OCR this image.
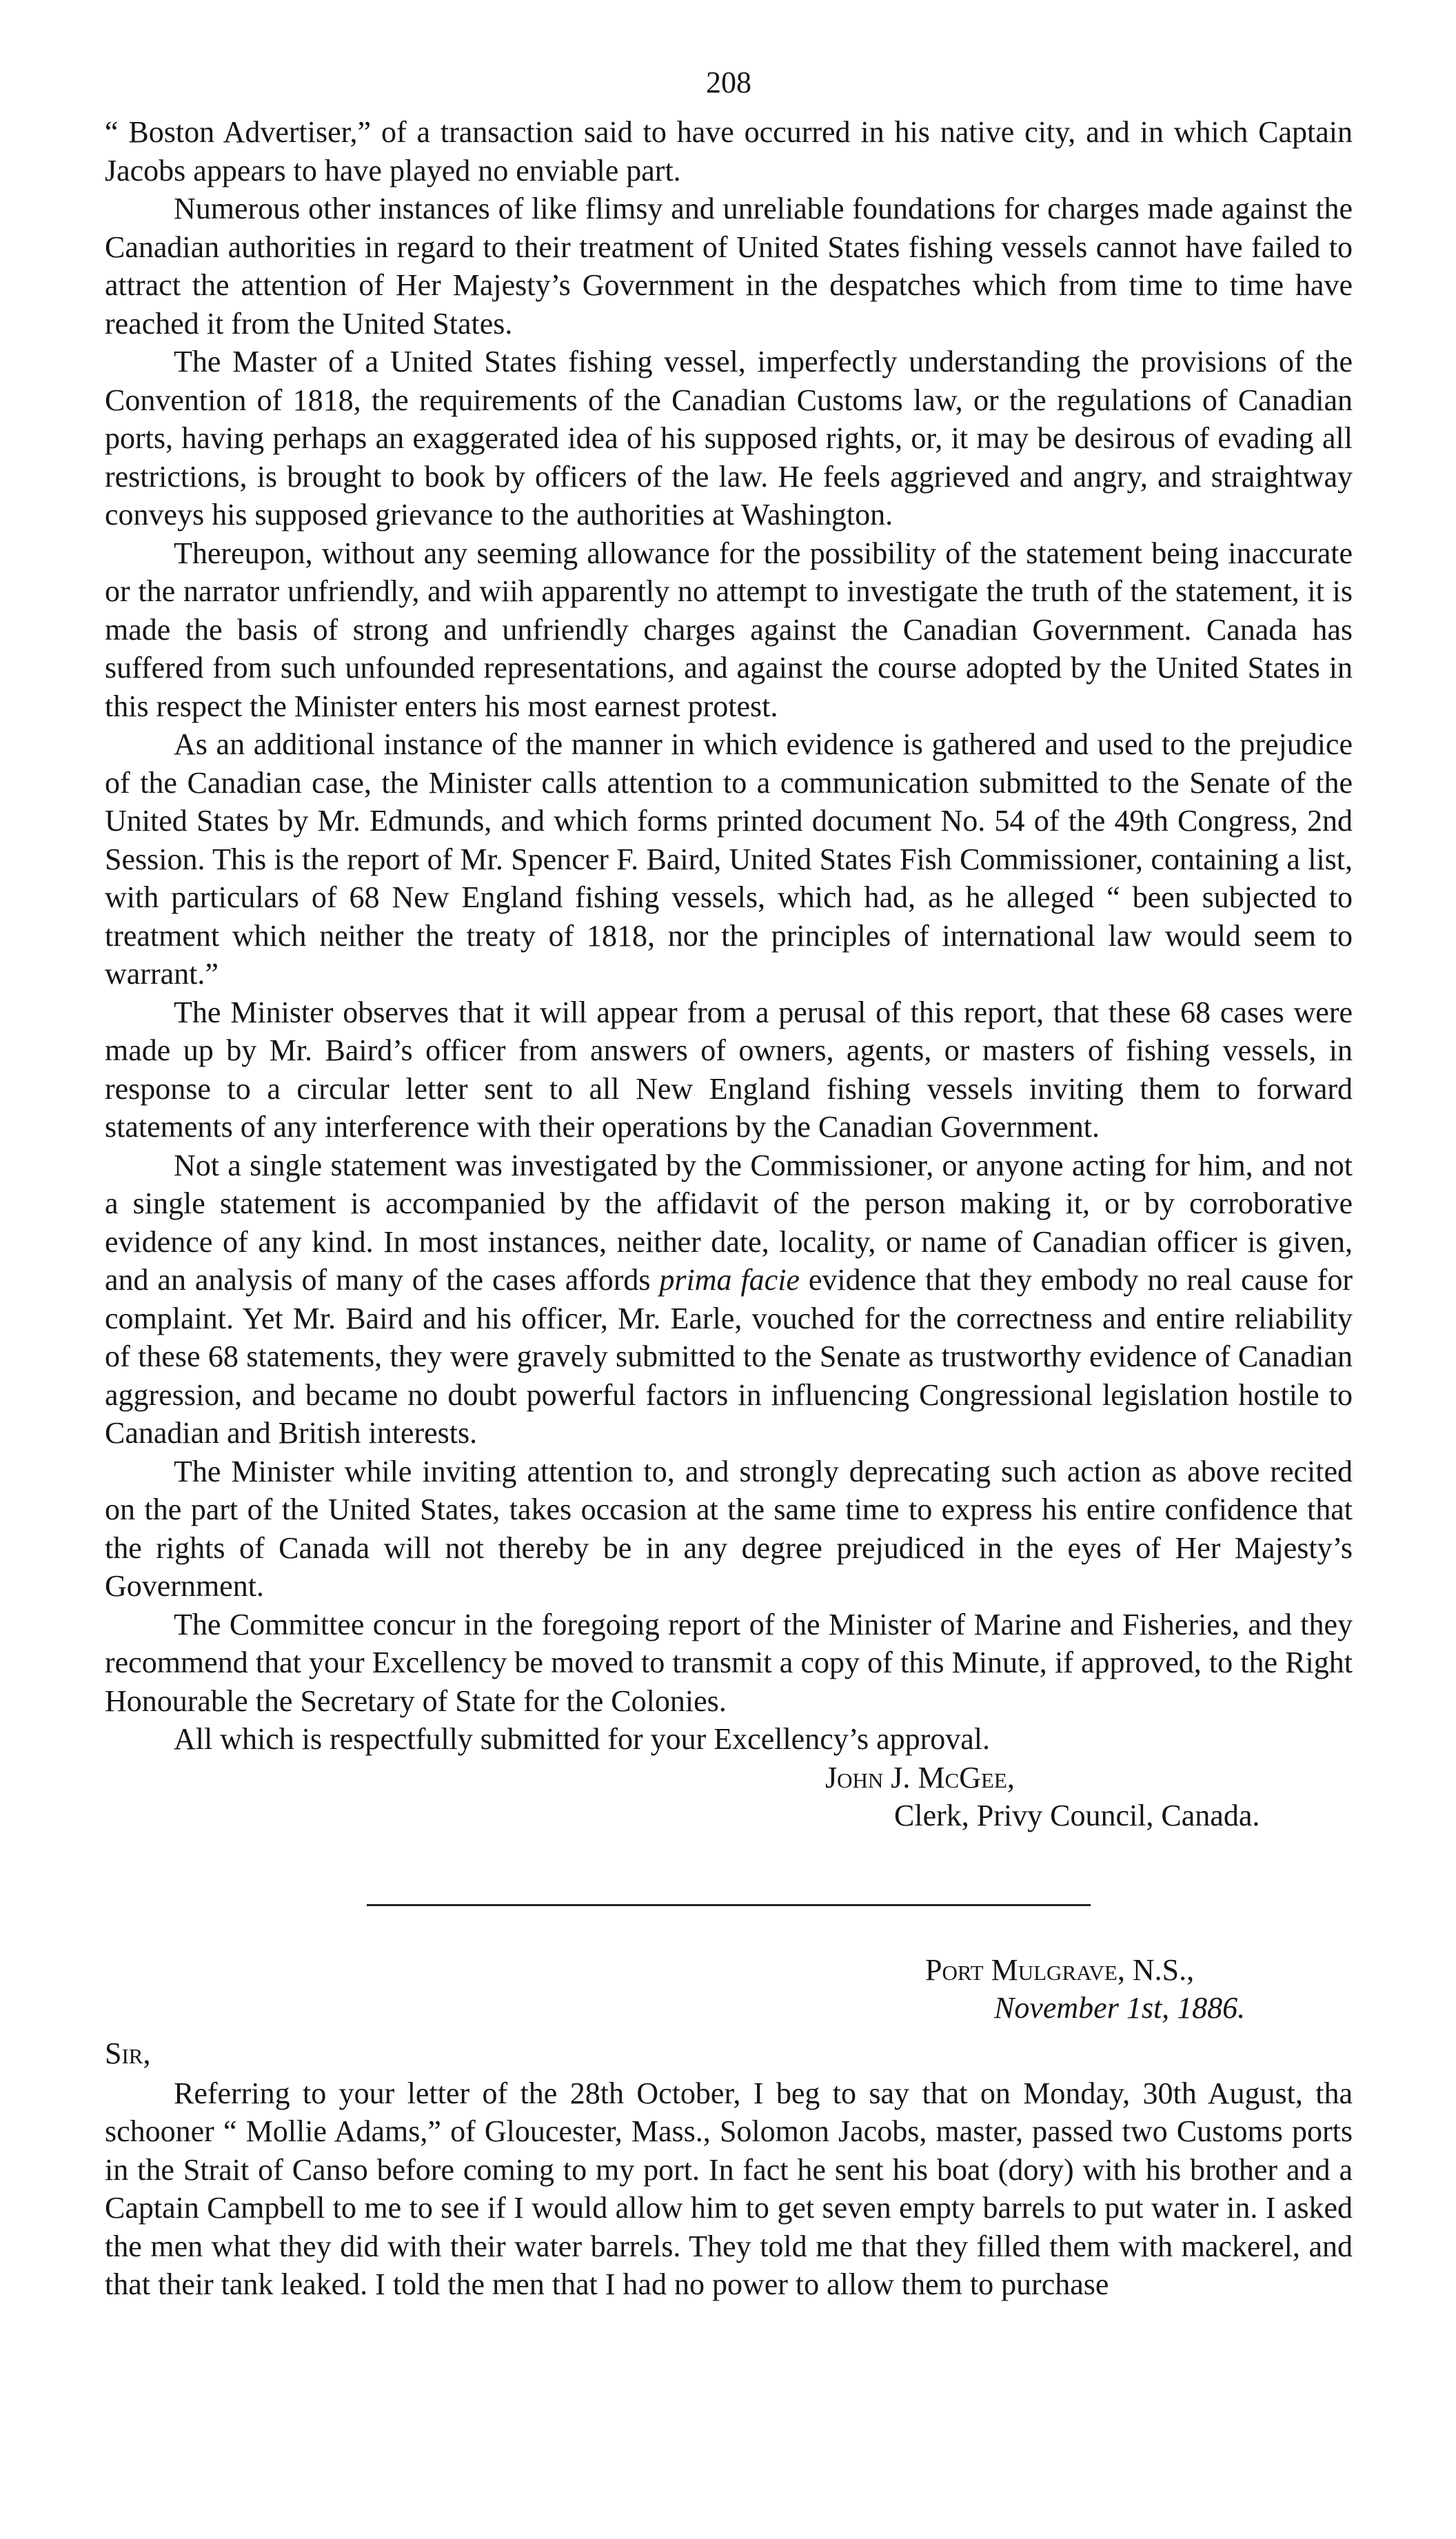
208

“ Boston Advertiser,” of a transaction said to have occurred in his native city, and in which Captain Jacobs appears to have played no enviable part.

Numerous other instances of like flimsy and unreliable foundations for charges made against the Canadian authorities in regard to their treatment of United States fishing vessels cannot have failed to attract the attention of Her Majesty’s Government in the despatches which from time to time have reached it from the United States.

The Master of a United States fishing vessel, imperfectly understanding the provisions of the Convention of 1818, the requirements of the Canadian Customs law, or the regulations of Canadian ports, having perhaps an exaggerated idea of his supposed rights, or, it may be desirous of evading all restrictions, is brought to book by officers of the law. He feels aggrieved and angry, and straightway conveys his supposed grievance to the authorities at Washington.

Thereupon, without any seeming allowance for the possibility of the statement being inaccurate or the narrator unfriendly, and wiih apparently no attempt to investigate the truth of the statement, it is made the basis of strong and unfriendly charges against the Canadian Government. Canada has suffered from such unfounded representations, and against the course adopted by the United States in this respect the Minister enters his most earnest protest.

As an additional instance of the manner in which evidence is gathered and used to the prejudice of the Canadian case, the Minister calls attention to a communication submitted to the Senate of the United States by Mr. Edmunds, and which forms printed document No. 54 of the 49th Congress, 2nd Session. This is the report of Mr. Spencer F. Baird, United States Fish Commissioner, containing a list, with particulars of 68 New England fishing vessels, which had, as he alleged “ been subjected to treatment which neither the treaty of 1818, nor the principles of international law would seem to warrant.”

The Minister observes that it will appear from a perusal of this report, that these 68 cases were made up by Mr. Baird’s officer from answers of owners, agents, or masters of fishing vessels, in response to a circular letter sent to all New England fishing vessels inviting them to forward statements of any interference with their operations by the Canadian Government.

Not a single statement was investigated by the Commissioner, or anyone acting for him, and not a single statement is accompanied by the affidavit of the person making it, or by corroborative evidence of any kind. In most instances, neither date, locality, or name of Canadian officer is given, and an analysis of many of the cases affords prima facie evidence that they embody no real cause for complaint. Yet Mr. Baird and his officer, Mr. Earle, vouched for the correctness and entire reliability of these 68 statements, they were gravely submitted to the Senate as trustworthy evidence of Canadian aggression, and became no doubt powerful factors in influencing Congressional legislation hostile to Canadian and British interests.

The Minister while inviting attention to, and strongly deprecating such action as above recited on the part of the United States, takes occasion at the same time to express his entire confidence that the rights of Canada will not thereby be in any degree prejudiced in the eyes of Her Majesty’s Government.

The Committee concur in the foregoing report of the Minister of Marine and Fisheries, and they recommend that your Excellency be moved to transmit a copy of this Minute, if approved, to the Right Honourable the Secretary of State for the Colonies.

All which is respectfully submitted for your Excellency’s approval.

John J. McGee,
Clerk, Privy Council, Canada.
Port Mulgrave, N.S.,
November 1st, 1886.
Sir,

Referring to your letter of the 28th October, I beg to say that on Monday, 30th August, tha schooner “ Mollie Adams,” of Gloucester, Mass., Solomon Jacobs, master, passed two Customs ports in the Strait of Canso before coming to my port. In fact he sent his boat (dory) with his brother and a Captain Campbell to me to see if I would allow him to get seven empty barrels to put water in. I asked the men what they did with their water barrels. They told me that they filled them with mackerel, and that their tank leaked. I told the men that I had no power to allow them to purchase
